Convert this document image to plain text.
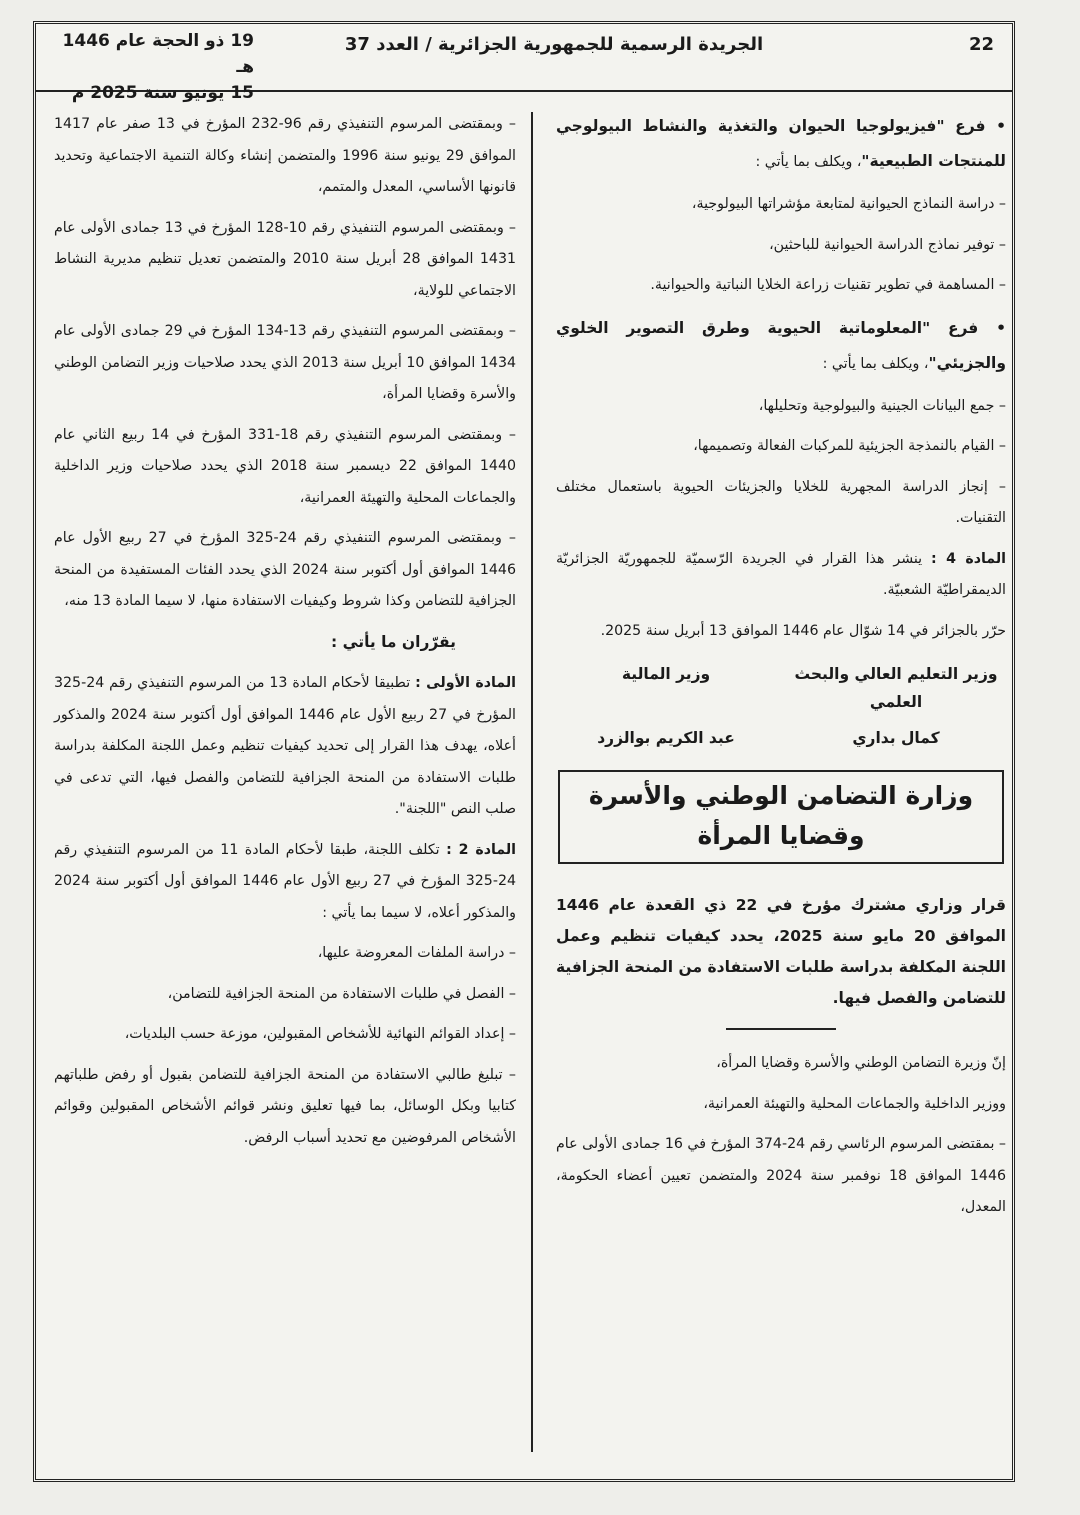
19 ذو الحجة عام 1446 هـ
15 يونيو سنة 2025 م
الجريدة الرسمية للجمهورية الجزائرية / العدد 37	22

• فرع "فيزيولوجيا الحيوان والتغذية والنشاط البيولوجي للمنتجات الطبيعية"، ويكلف بما يأتي :

– دراسة النماذج الحيوانية لمتابعة مؤشراتها البيولوجية،

– توفير نماذج الدراسة الحيوانية للباحثين،

– المساهمة في تطوير تقنيات زراعة الخلايا النباتية والحيوانية.

• فرع "المعلوماتية الحيوية وطرق التصوير الخلوي والجزيئي"، ويكلف بما يأتي :

– جمع البيانات الجينية والبيولوجية وتحليلها،

– القيام بالنمذجة الجزيئية للمركبات الفعالة وتصميمها،

– إنجاز الدراسة المجهرية للخلايا والجزيئات الحيوية باستعمال مختلف التقنيات.

المادة 4 : ينشر هذا القرار في الجريدة الرّسميّة للجمهوريّة الجزائريّة الديمقراطيّة الشعبيّة.

حرّر بالجزائر في 14 شوّال عام 1446 الموافق 13 أبريل سنة 2025.

وزير التعليم العالي والبحث العلمي
وزير المالية
كمال بداري
عبد الكريم بوالزرد
وزارة التضامن الوطني والأسرة وقضايا المرأة
قرار وزاري مشترك مؤرخ في 22 ذي القعدة عام 1446 الموافق 20 مايو سنة 2025، يحدد كيفيات تنظيم وعمل اللجنة المكلفة بدراسة طلبات الاستفادة من المنحة الجزافية للتضامن والفصل فيها.

إنّ وزيرة التضامن الوطني والأسرة وقضايا المرأة،

ووزير الداخلية والجماعات المحلية والتهيئة العمرانية،

– بمقتضى المرسوم الرئاسي رقم 24-374 المؤرخ في 16 جمادى الأولى عام 1446 الموافق 18 نوفمبر سنة 2024 والمتضمن تعيين أعضاء الحكومة، المعدل،

– وبمقتضى المرسوم التنفيذي رقم 96-232 المؤرخ في 13 صفر عام 1417 الموافق 29 يونيو سنة 1996 والمتضمن إنشاء وكالة التنمية الاجتماعية وتحديد قانونها الأساسي، المعدل والمتمم،

– وبمقتضى المرسوم التنفيذي رقم 10-128 المؤرخ في 13 جمادى الأولى عام 1431 الموافق 28 أبريل سنة 2010 والمتضمن تعديل تنظيم مديرية النشاط الاجتماعي للولاية،

– وبمقتضى المرسوم التنفيذي رقم 13-134 المؤرخ في 29 جمادى الأولى عام 1434 الموافق 10 أبريل سنة 2013 الذي يحدد صلاحيات وزير التضامن الوطني والأسرة وقضايا المرأة،

– وبمقتضى المرسوم التنفيذي رقم 18-331 المؤرخ في 14 ربيع الثاني عام 1440 الموافق 22 ديسمبر سنة 2018 الذي يحدد صلاحيات وزير الداخلية والجماعات المحلية والتهيئة العمرانية،

– وبمقتضى المرسوم التنفيذي رقم 24-325 المؤرخ في 27 ربيع الأول عام 1446 الموافق أول أكتوبر سنة 2024 الذي يحدد الفئات المستفيدة من المنحة الجزافية للتضامن وكذا شروط وكيفيات الاستفادة منها، لا سيما المادة 13 منه،

يقرّران ما يأتي :

المادة الأولى : تطبيقا لأحكام المادة 13 من المرسوم التنفيذي رقم 24-325 المؤرخ في 27 ربيع الأول عام 1446 الموافق أول أكتوبر سنة 2024 والمذكور أعلاه، يهدف هذا القرار إلى تحديد كيفيات تنظيم وعمل اللجنة المكلفة بدراسة طلبات الاستفادة من المنحة الجزافية للتضامن والفصل فيها، التي تدعى في صلب النص "اللجنة".

المادة 2 : تكلف اللجنة، طبقا لأحكام المادة 11 من المرسوم التنفيذي رقم 24-325 المؤرخ في 27 ربيع الأول عام 1446 الموافق أول أكتوبر سنة 2024 والمذكور أعلاه، لا سيما بما يأتي :

– دراسة الملفات المعروضة عليها،

– الفصل في طلبات الاستفادة من المنحة الجزافية للتضامن،

– إعداد القوائم النهائية للأشخاص المقبولين، موزعة حسب البلديات،

– تبليغ طالبي الاستفادة من المنحة الجزافية للتضامن بقبول أو رفض طلباتهم كتابيا وبكل الوسائل، بما فيها تعليق ونشر قوائم الأشخاص المقبولين وقوائم الأشخاص المرفوضين مع تحديد أسباب الرفض.
